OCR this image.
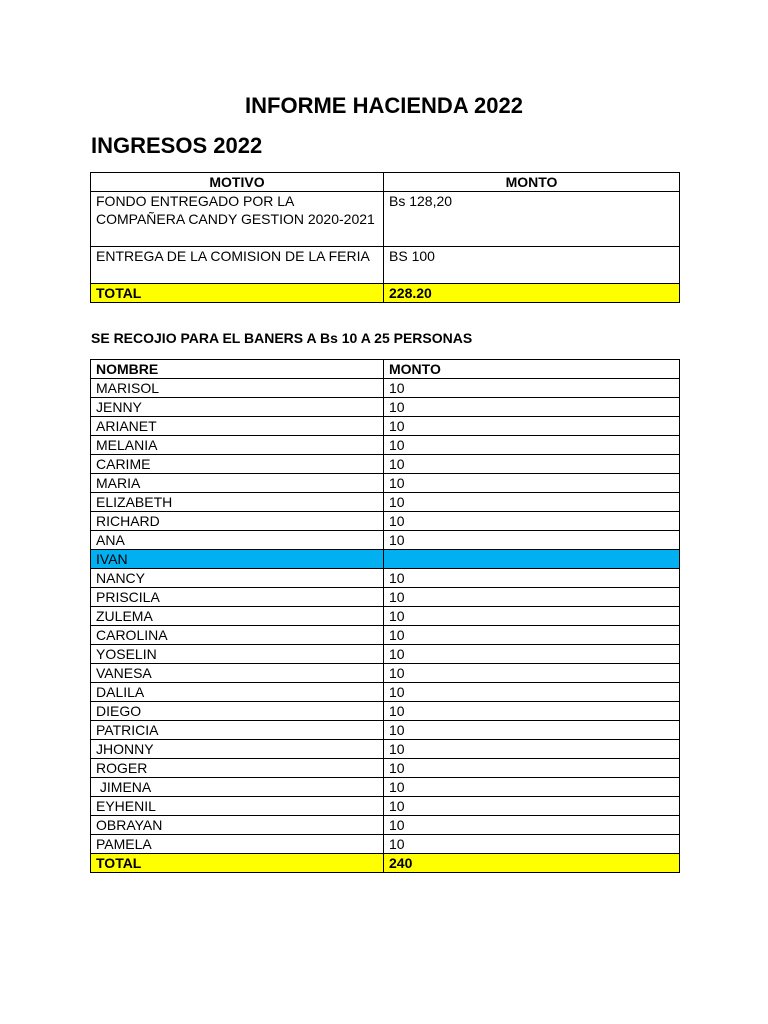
INFORME HACIENDA 2022
INGRESOS 2022
MOTIVO	MONTO
FONDO ENTREGADO POR LA COMPAÑERA CANDY GESTION 2020-2021	Bs 128,20
ENTREGA DE LA COMISION DE LA FERIA	BS 100
TOTAL	228.20

SE RECOJIO PARA EL BANERS A Bs 10 A 25 PERSONAS

NOMBRE	MONTO
MARISOL	10
JENNY	10
ARIANET	10
MELANIA	10
CARIME	10
MARIA	10
ELIZABETH	10
RICHARD	10
ANA	10
IVAN	
NANCY	10
PRISCILA	10
ZULEMA	10
CAROLINA	10
YOSELIN	10
VANESA	10
DALILA	10
DIEGO	10
PATRICIA	10
JHONNY	10
ROGER	10
JIMENA	10
EYHENIL	10
OBRAYAN	10
PAMELA	10
TOTAL	240
